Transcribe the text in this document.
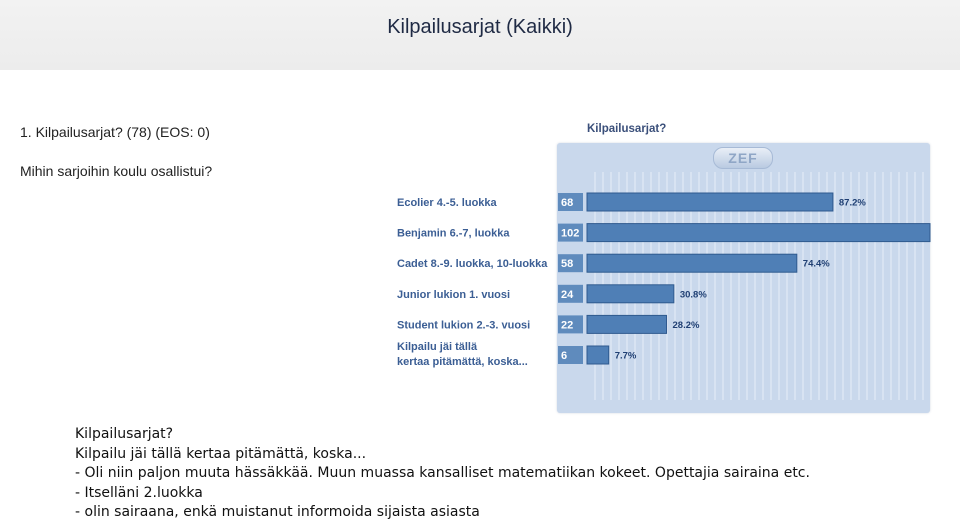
Kilpailusarjat (Kaikki)
1. Kilpailusarjat? (78) (EOS: 0)
Mihin sarjoihin koulu osallistui?
Kilpailusarjat?
ZEF
68	87.2%
Ecolier 4.-5. luokka
102
Benjamin 6.-7, luokka
58	74.4%
Cadet 8.-9. luokka, 10-luokka
24	30.8%
Junior lukion 1. vuosi
22	28.2%
Student lukion 2.-3. vuosi
6	7.7%
Kilpailu jäi tällä
kertaa pitämättä, koska...
Kilpailusarjat?
Kilpailu jäi tällä kertaa pitämättä, koska...
- Oli niin paljon muuta hässäkkää. Muun muassa kansalliset matematiikan kokeet. Opettajia sairaina etc.
- Itselläni 2.luokka
- olin sairaana, enkä muistanut informoida sijaista asiasta
